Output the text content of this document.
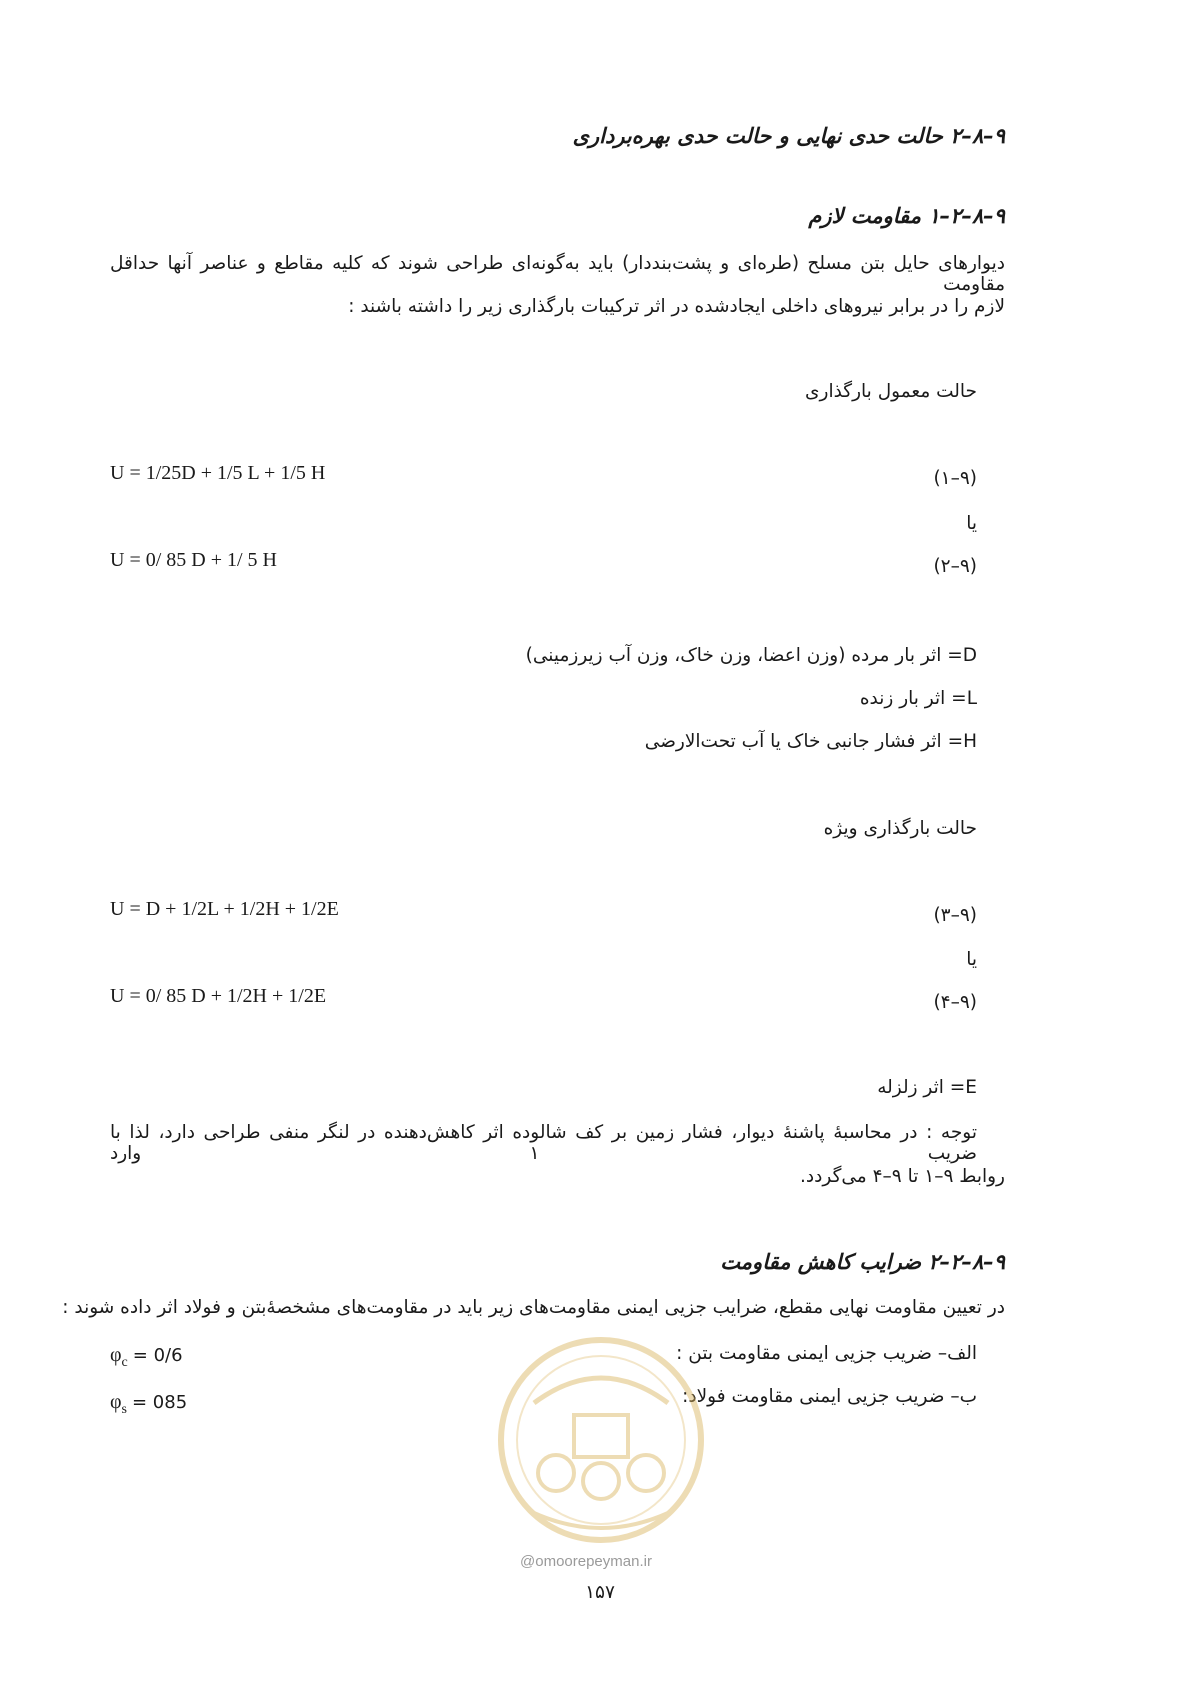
۹–۸–۲ حالت حدی نهایی و حالت حدی بهره‌برداری
۹–۸–۲–۱ مقاومت لازم
دیوارهای حایل بتن مسلح (طره‌ای و پشت‌بنددار) باید به‌گونه‌ای طراحی شوند که کلیه مقاطع و عناصر آنها حداقل مقاومت
لازم را در برابر نیروهای داخلی ایجادشده در اثر ترکیبات بارگذاری زیر را داشته باشند :
حالت معمول بارگذاری
U = 1/25D + 1/5 L + 1/5 H	(۹–۱)
یا
U = 0/ 85 D + 1/ 5 H	(۹–۲)
D= اثر بار مرده (وزن اعضا، وزن خاک، وزن آب زیرزمینی)
L= اثر بار زنده
H= اثر فشار جانبی خاک یا آب تحت‌الارضی
حالت بارگذاری ویژه
U = D + 1/2L + 1/2H + 1/2E	(۹–۳)
یا
U = 0/ 85 D + 1/2H + 1/2E	(۹–۴)
E= اثر زلزله
توجه : در محاسبهٔ پاشنهٔ دیوار، فشار زمین بر کف شالوده اثر کاهش‌دهنده در لنگر منفی طراحی دارد، لذا با ضریب ۱ وارد
روابط ۹–۱ تا ۹–۴ می‌گردد.
۹–۸–۲–۲ ضرایب کاهش مقاومت
در تعیین مقاومت نهایی مقطع، ضرایب جزیی ایمنی مقاومت‌های زیر باید در مقاومت‌های مشخصهٔ‌بتن و فولاد اثر داده شوند :
الف– ضریب جزیی ایمنی مقاومت بتن :
$\varphi_c = 0/6$
ب– ضریب جزیی ایمنی مقاومت فولاد:
$\varphi_s = 085$
@omoorepeyman.ir
۱۵۷
